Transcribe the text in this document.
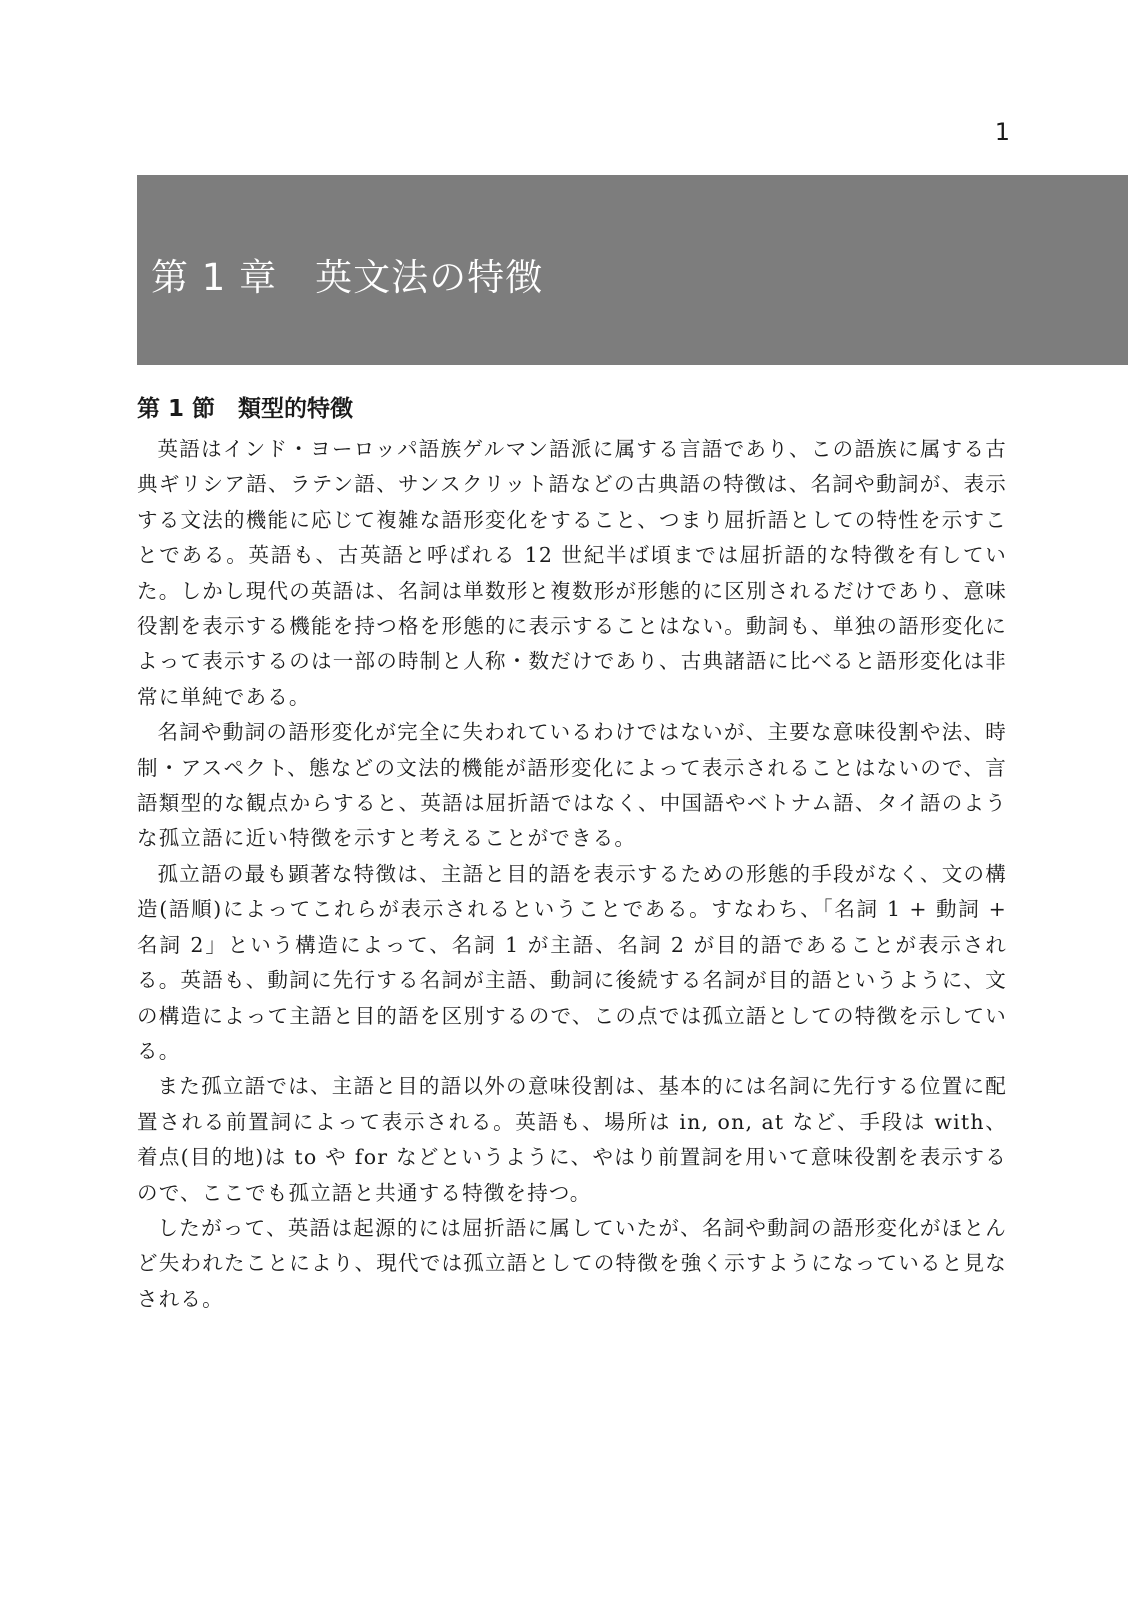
1
第 1 章　英文法の特徴
第 1 節　類型的特徴

英語はインド・ヨーロッパ語族ゲルマン語派に属する言語であり、この語族に属する古典ギリシア語、ラテン語、サンスクリット語などの古典語の特徴は、名詞や動詞が、表示する文法的機能に応じて複雑な語形変化をすること、つまり屈折語としての特性を示すことである。英語も、古英語と呼ばれる 12 世紀半ば頃までは屈折語的な特徴を有していた。しかし現代の英語は、名詞は単数形と複数形が形態的に区別されるだけであり、意味役割を表示する機能を持つ格を形態的に表示することはない。動詞も、単独の語形変化によって表示するのは一部の時制と人称・数だけであり、古典諸語に比べると語形変化は非常に単純である。

名詞や動詞の語形変化が完全に失われているわけではないが、主要な意味役割や法、時制・アスペクト、態などの文法的機能が語形変化によって表示されることはないので、言語類型的な観点からすると、英語は屈折語ではなく、中国語やベトナム語、タイ語のような孤立語に近い特徴を示すと考えることができる。

孤立語の最も顕著な特徴は、主語と目的語を表示するための形態的手段がなく、文の構造(語順)によってこれらが表示されるということである。すなわち、「名詞 1 + 動詞 + 名詞 2」という構造によって、名詞 1 が主語、名詞 2 が目的語であることが表示される。英語も、動詞に先行する名詞が主語、動詞に後続する名詞が目的語というように、文の構造によって主語と目的語を区別するので、この点では孤立語としての特徴を示している。

また孤立語では、主語と目的語以外の意味役割は、基本的には名詞に先行する位置に配置される前置詞によって表示される。英語も、場所は in, on, at など、手段は with、着点(目的地)は to や for などというように、やはり前置詞を用いて意味役割を表示するので、ここでも孤立語と共通する特徴を持つ。

したがって、英語は起源的には屈折語に属していたが、名詞や動詞の語形変化がほとんど失われたことにより、現代では孤立語としての特徴を強く示すようになっていると見なされる。
